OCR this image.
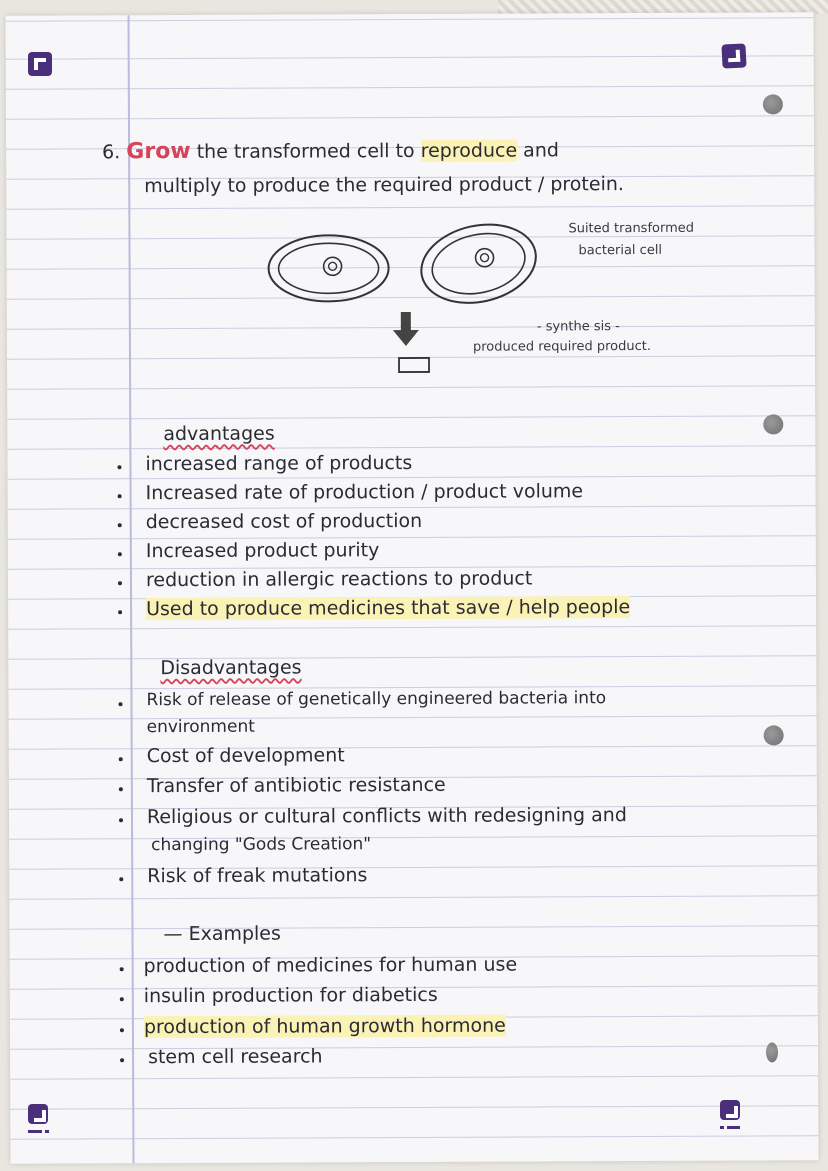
6. Grow the transformed cell to reproduce and

multiply to produce the required product / protein.

Suited transformed

bacterial cell

- synthe sis -

produced required product.

advantages

increased range of products

Increased rate of production / product volume

decreased cost of production

Increased product purity

reduction in allergic reactions to product

Used to produce medicines that save / help people

Disadvantages

Risk of release of genetically engineered bacteria into

environment

Cost of development

Transfer of antibiotic resistance

Religious or cultural conflicts with redesigning and

changing "Gods Creation"

Risk of freak mutations

— Examples

production of medicines for human use

insulin production for diabetics

production of human growth hormone

stem cell research
